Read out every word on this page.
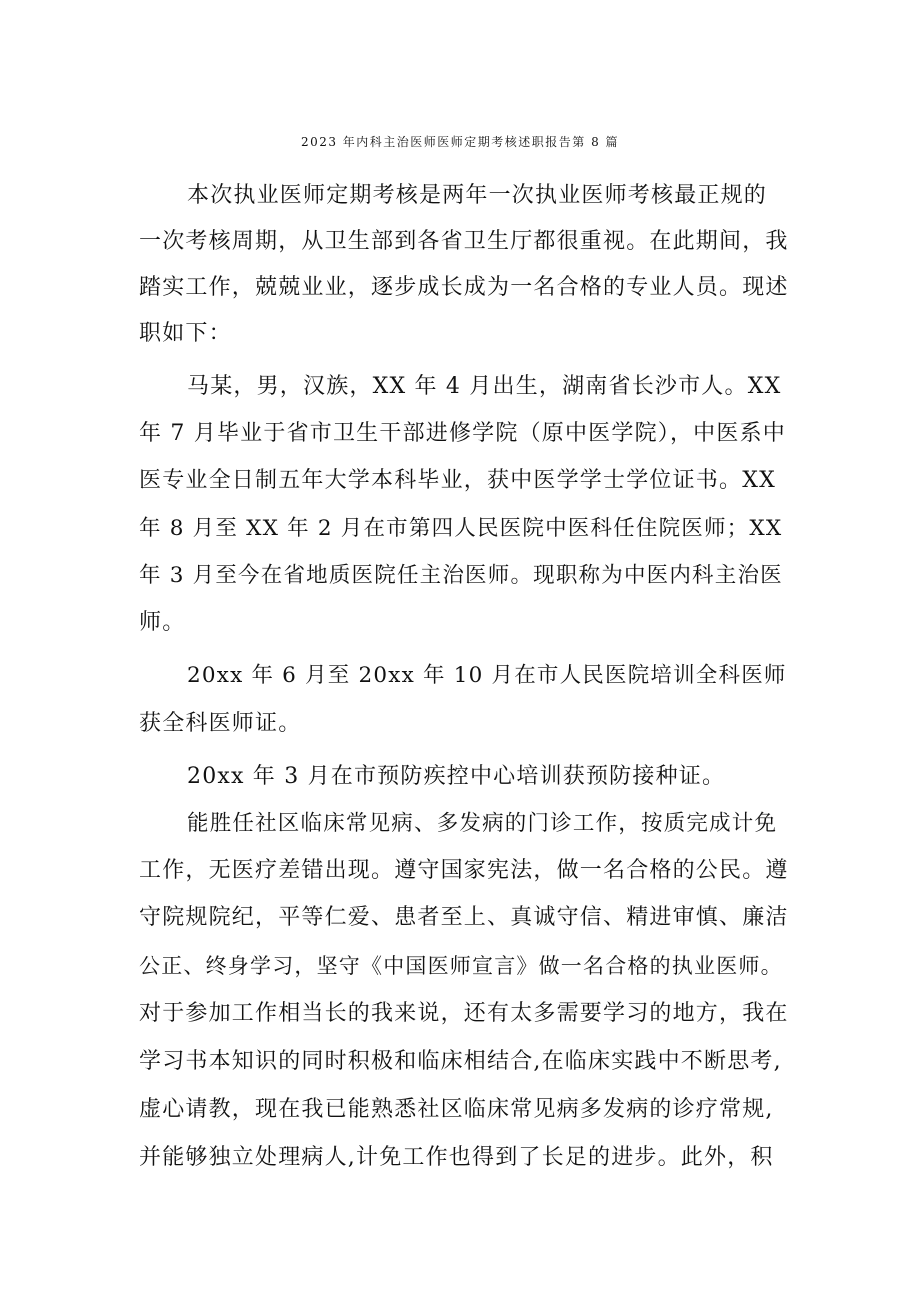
2023 年内科主治医师医师定期考核述职报告第 8 篇
本次执业医师定期考核是两年一次执业医师考核最正规的
一次考核周期，从卫生部到各省卫生厅都很重视。在此期间，我
踏实工作，兢兢业业，逐步成长成为一名合格的专业人员。现述
职如下：
马某，男，汉族，XX 年 4 月出生，湖南省长沙市人。XX
年 7 月毕业于省市卫生干部进修学院（原中医学院），中医系中
医专业全日制五年大学本科毕业，获中医学学士学位证书。XX
年 8 月至 XX 年 2 月在市第四人民医院中医科任住院医师；XX
年 3 月至今在省地质医院任主治医师。现职称为中医内科主治医
师。
20xx 年 6 月至 20xx 年 10 月在市人民医院培训全科医师
获全科医师证。
20xx 年 3 月在市预防疾控中心培训获预防接种证。
能胜任社区临床常见病、多发病的门诊工作，按质完成计免
工作，无医疗差错出现。遵守国家宪法，做一名合格的公民。遵
守院规院纪，平等仁爱、患者至上、真诚守信、精进审慎、廉洁
公正、终身学习，坚守《中国医师宣言》做一名合格的执业医师。
对于参加工作相当长的我来说，还有太多需要学习的地方，我在
学习书本知识的同时积极和临床相结合,在临床实践中不断思考,
虚心请教，现在我已能熟悉社区临床常见病多发病的诊疗常规,
并能够独立处理病人,计免工作也得到了长足的进步。此外，积
